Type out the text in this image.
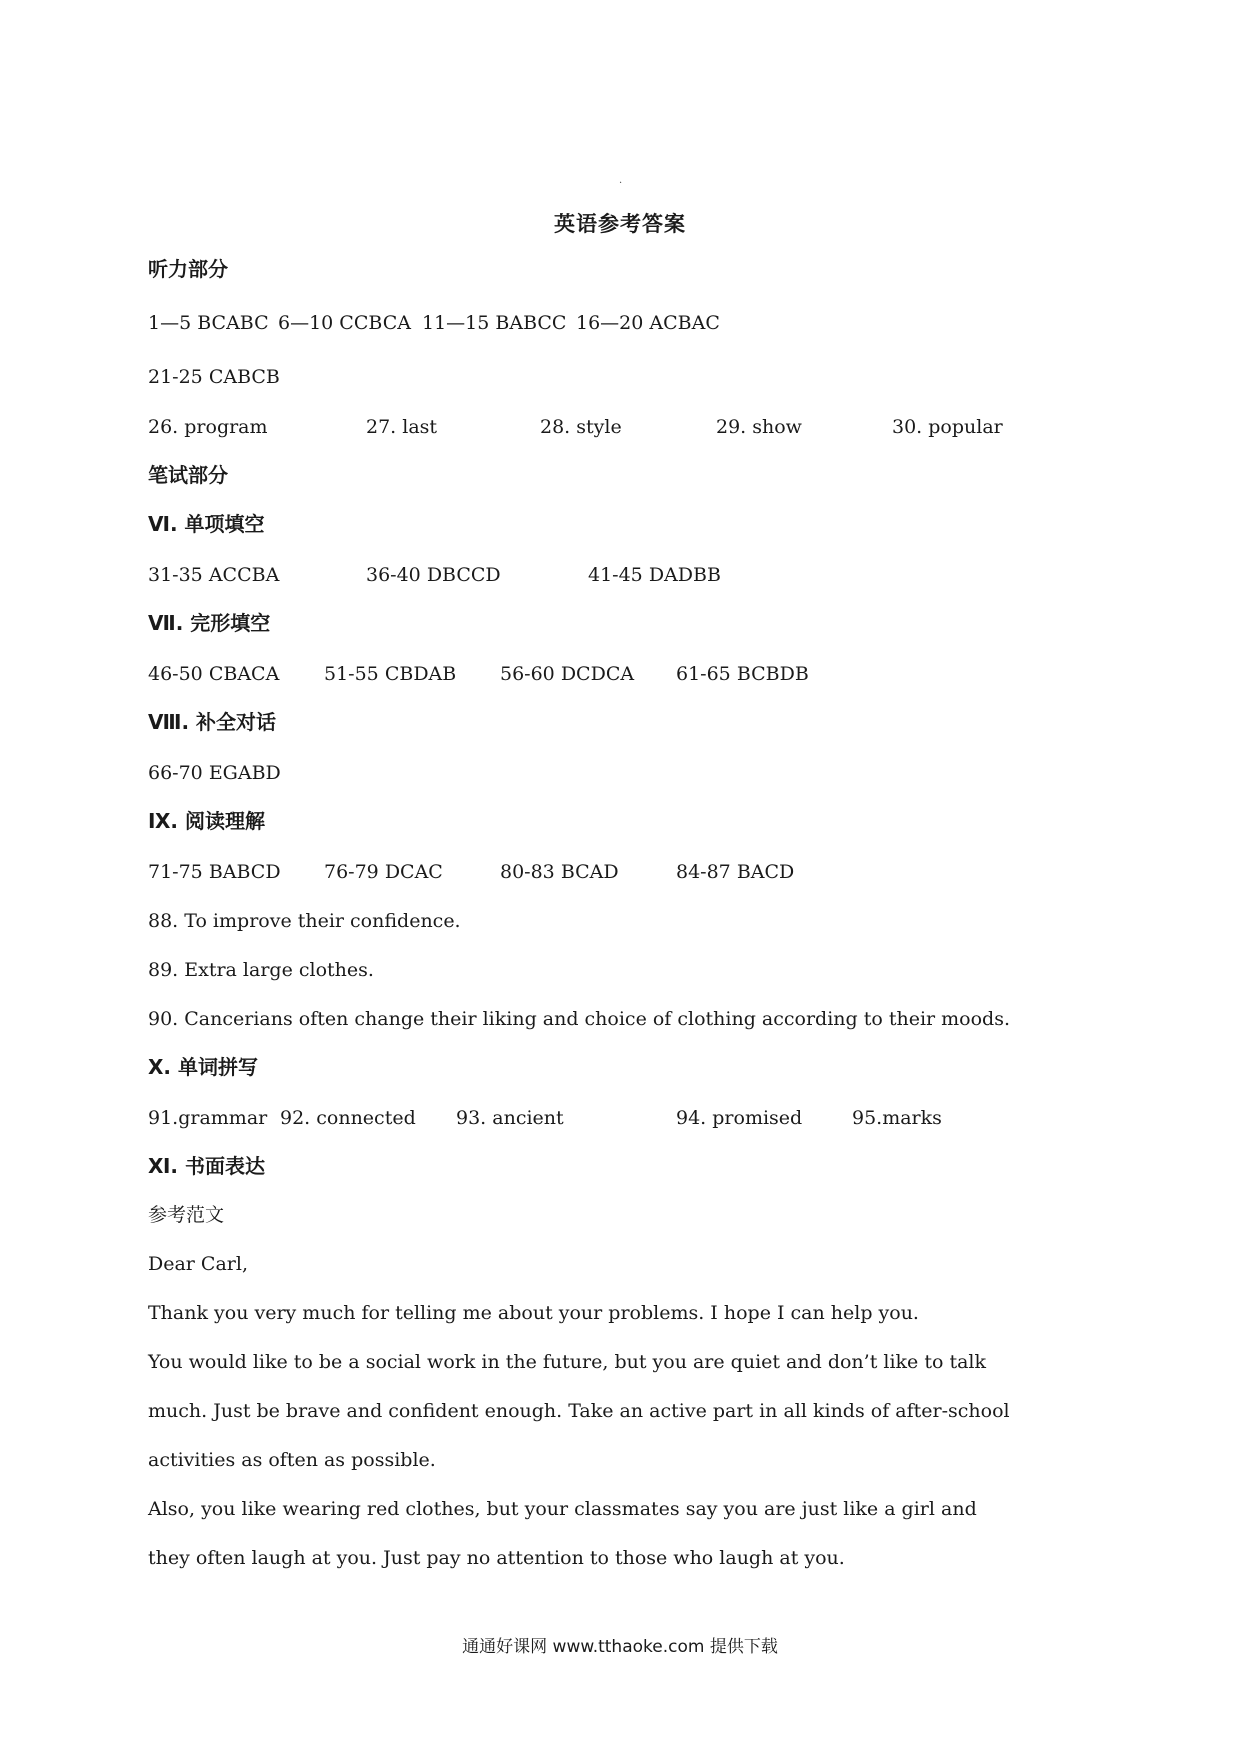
·
英语参考答案
听力部分
1—5 BCABC 6—10 CCBCA 11—15 BABCC 16—20 ACBAC
21-25 CABCB
26. program	27. last	28. style	29. show	30. popular
笔试部分
Ⅵ. 单项填空
31-35 ACCBA	36-40 DBCCD	41-45 DADBB
Ⅶ. 完形填空
46-50 CBACA 51-55 CBDAB 56-60 DCDCA 61-65 BCBDB
Ⅷ. 补全对话
66-70 EGABD
Ⅸ. 阅读理解
71-75 BABCD 76-79 DCAC	80-83 BCAD	84-87 BACD
88. To improve their confidence.
89. Extra large clothes.
90. Cancerians often change their liking and choice of clothing according to their moods.
Ⅹ. 单词拼写
91.grammar 92. connected 93. ancient	94. promised	95.marks
Ⅺ. 书面表达
参考范文
Dear Carl,
Thank you very much for telling me about your problems. I hope I can help you.
You would like to be a social work in the future, but you are quiet and don’t like to talk
much. Just be brave and confident enough. Take an active part in all kinds of after-school
activities as often as possible.
Also, you like wearing red clothes, but your classmates say you are just like a girl and
they often laugh at you. Just pay no attention to those who laugh at you.
通通好课网 www.tthaoke.com 提供下载
